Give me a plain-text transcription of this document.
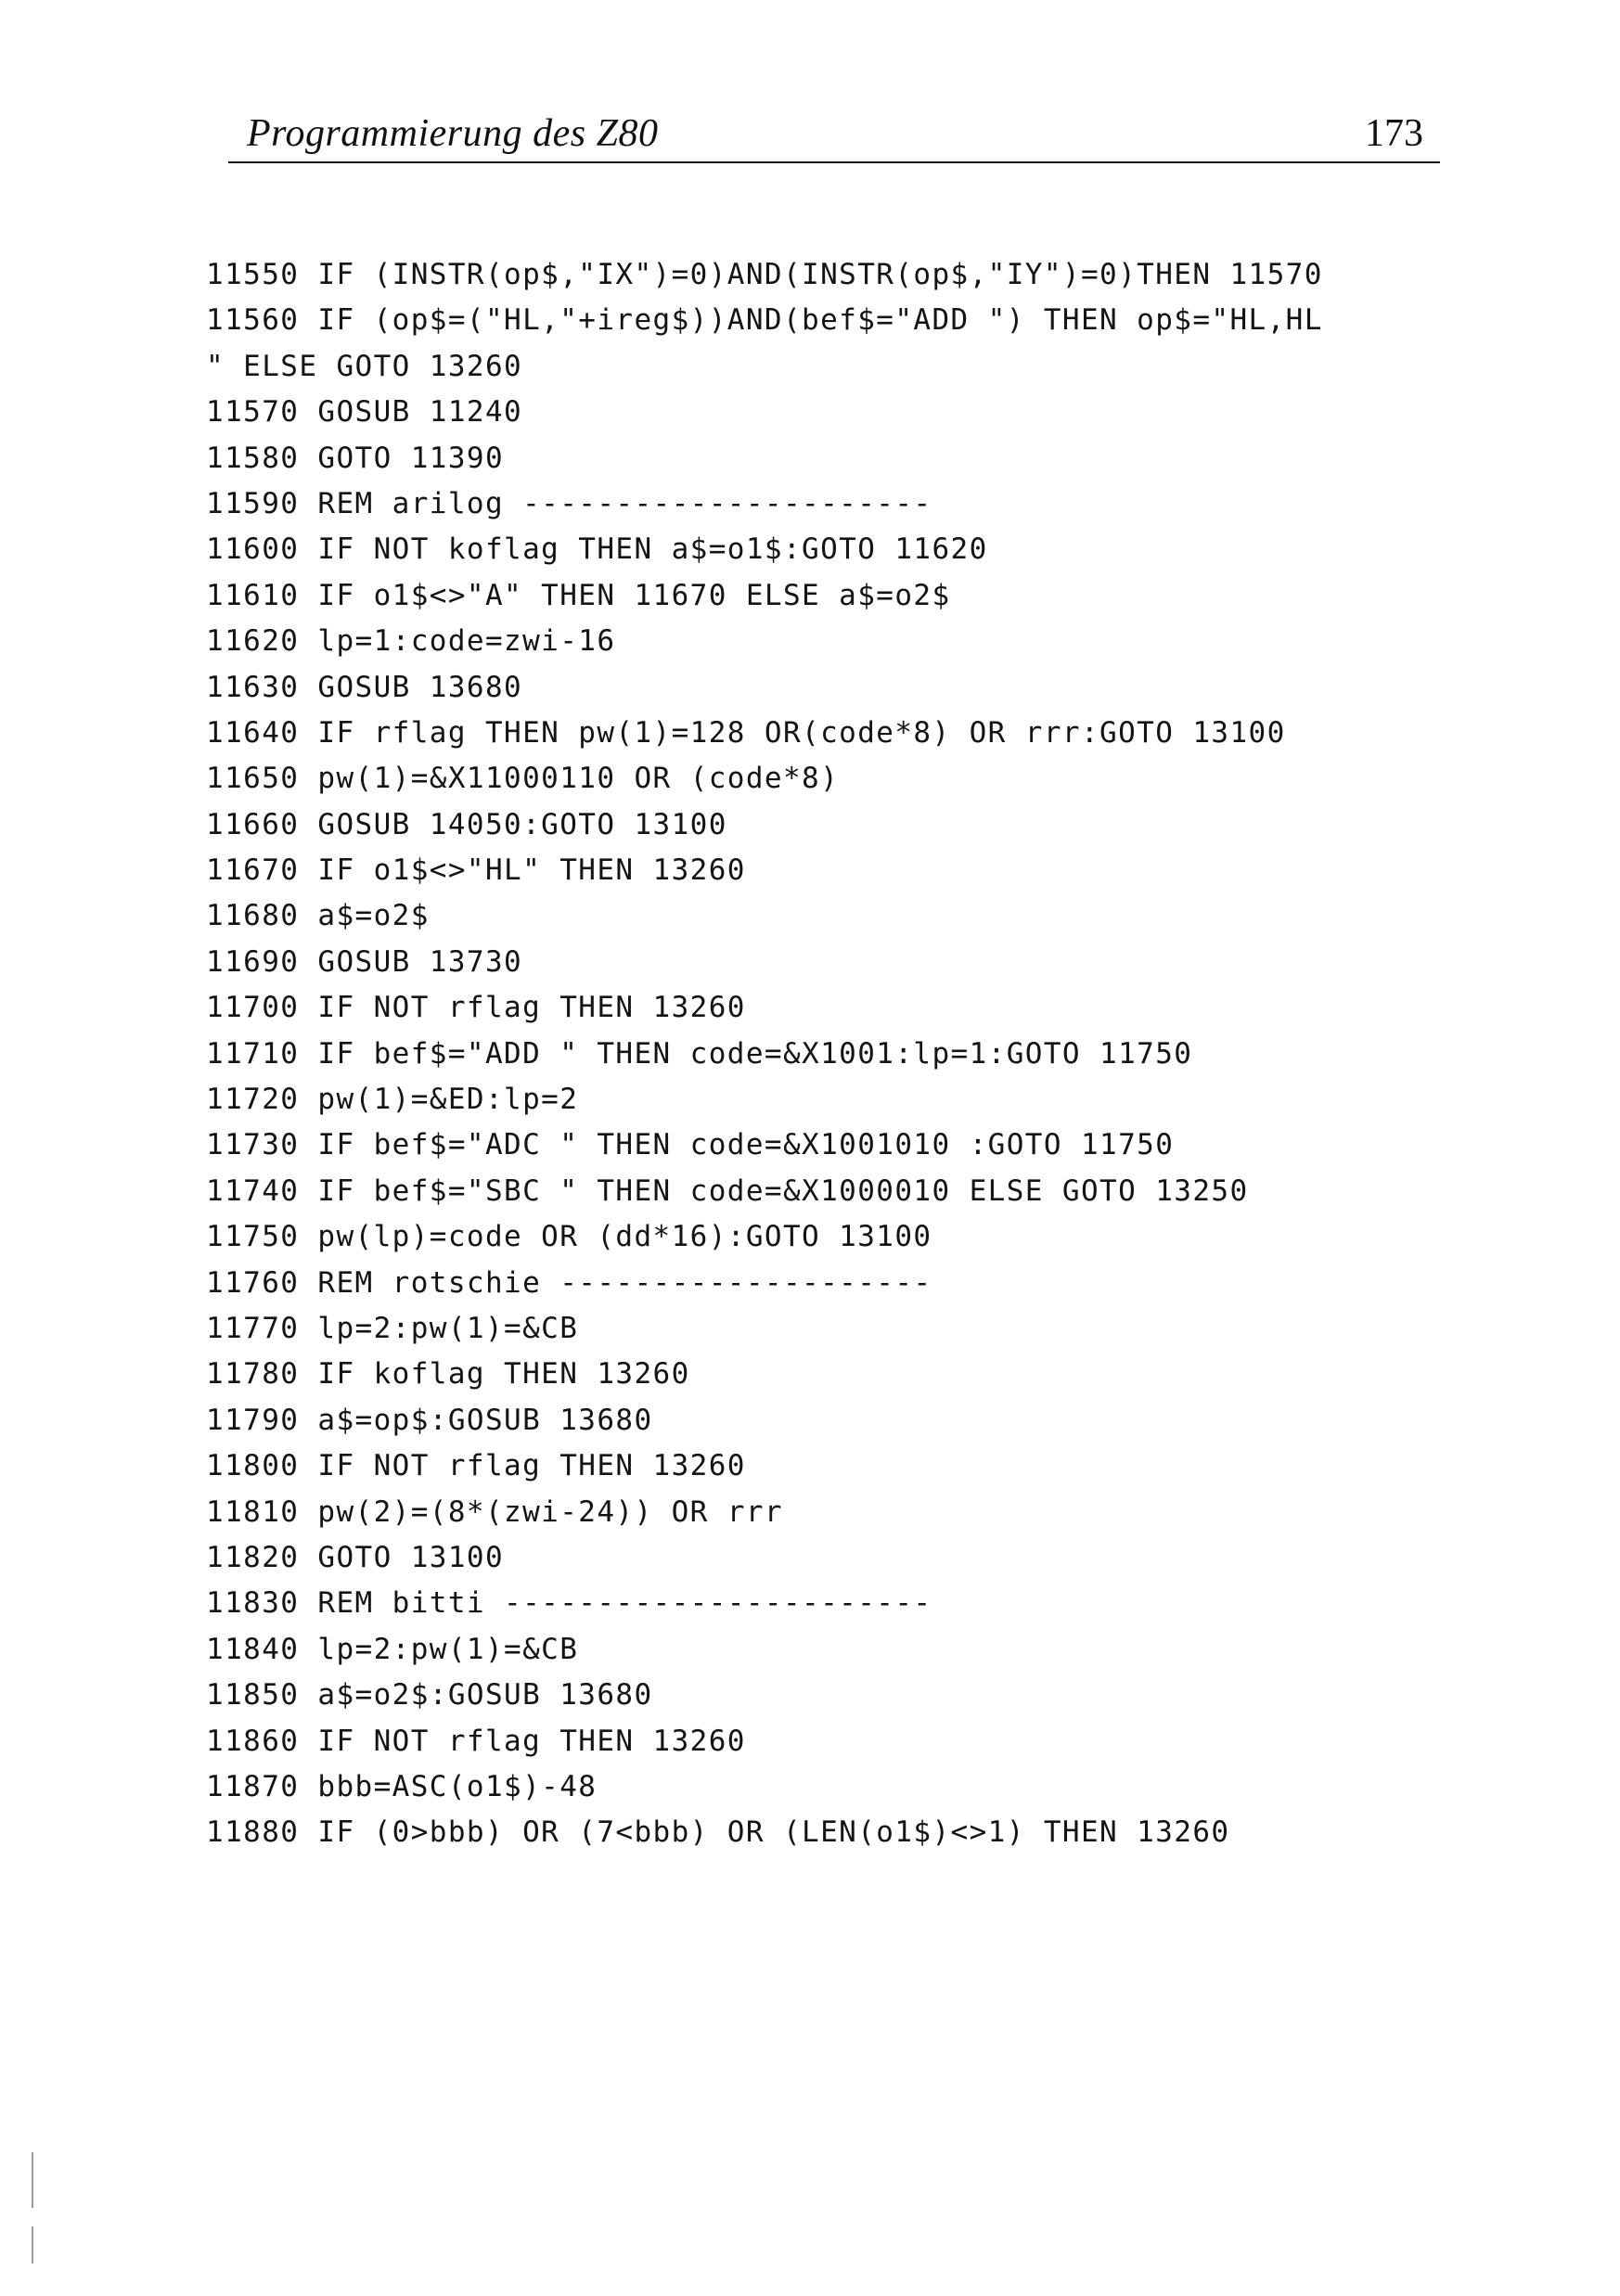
Programmierung des Z80	173
11550 IF (INSTR(op$,"IX")=0)AND(INSTR(op$,"IY")=0)THEN 11570
11560 IF (op$=("HL,"+ireg$))AND(bef$="ADD ") THEN op$="HL,HL
" ELSE GOTO 13260
11570 GOSUB 11240
11580 GOTO 11390
11590 REM arilog ----------------------
11600 IF NOT koflag THEN a$=o1$:GOTO 11620
11610 IF o1$<>"A" THEN 11670 ELSE a$=o2$
11620 lp=1:code=zwi-16
11630 GOSUB 13680
11640 IF rflag THEN pw(1)=128 OR(code*8) OR rrr:GOTO 13100
11650 pw(1)=&X11000110 OR (code*8)
11660 GOSUB 14050:GOTO 13100
11670 IF o1$<>"HL" THEN 13260
11680 a$=o2$
11690 GOSUB 13730
11700 IF NOT rflag THEN 13260
11710 IF bef$="ADD " THEN code=&X1001:lp=1:GOTO 11750
11720 pw(1)=&ED:lp=2
11730 IF bef$="ADC " THEN code=&X1001010 :GOTO 11750
11740 IF bef$="SBC " THEN code=&X1000010 ELSE GOTO 13250
11750 pw(lp)=code OR (dd*16):GOTO 13100
11760 REM rotschie --------------------
11770 lp=2:pw(1)=&CB
11780 IF koflag THEN 13260
11790 a$=op$:GOSUB 13680
11800 IF NOT rflag THEN 13260
11810 pw(2)=(8*(zwi-24)) OR rrr
11820 GOTO 13100
11830 REM bitti -----------------------
11840 lp=2:pw(1)=&CB
11850 a$=o2$:GOSUB 13680
11860 IF NOT rflag THEN 13260
11870 bbb=ASC(o1$)-48
11880 IF (0>bbb) OR (7<bbb) OR (LEN(o1$)<>1) THEN 13260
